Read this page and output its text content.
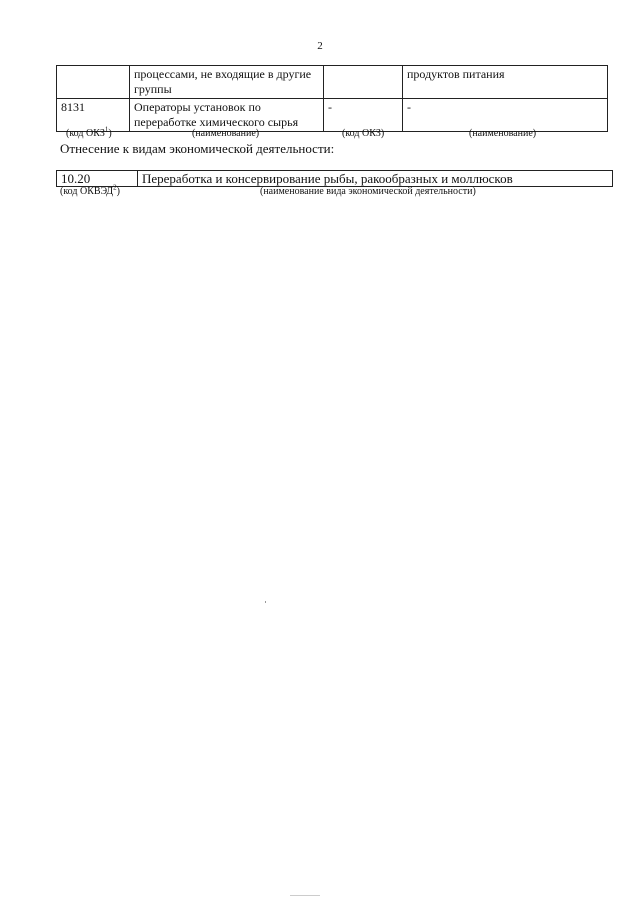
2
	процессами, не входящие в другие группы		продуктов питания
8131	Операторы установок по переработке химического сырья	-	-
(код ОКЗ$^1$)	(наименование)	(код ОКЗ)	(наименование)
Отнесение к видам экономической деятельности:
10.20	Переработка и консервирование рыбы, ракообразных и моллюсков
(код ОКВЭД$^2$)	(наименование вида экономической деятельности)
